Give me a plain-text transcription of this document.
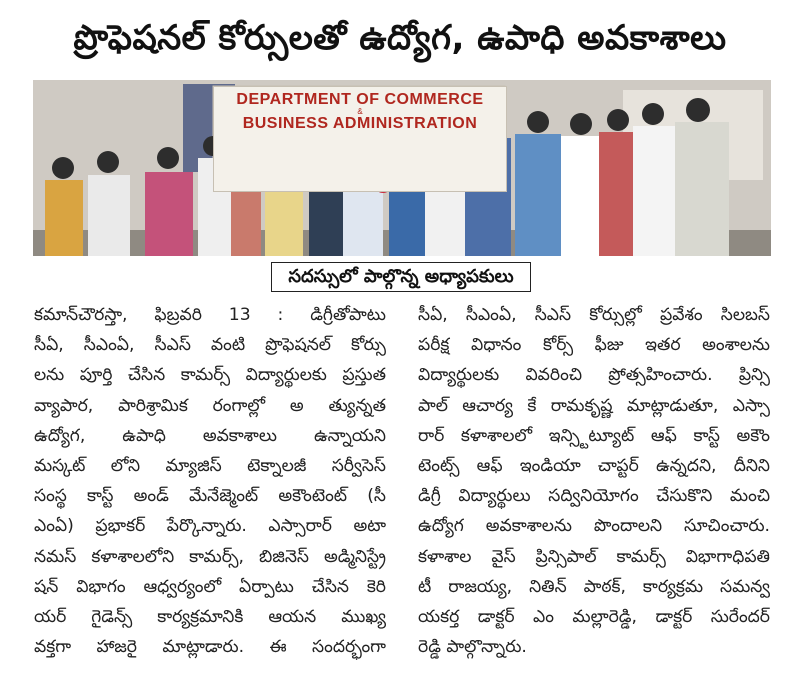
ప్రొఫెషనల్ కోర్సులతో ఉద్యోగ, ఉపాధి అవకాశాలు
DEPARTMENT OF COMMERCE
&
BUSINESS ADMINISTRATION
సదస్సులో పాల్గొన్న అధ్యాపకులు
కమాన్‌చౌరస్తా, ఫిబ్రవరి 13 : డిగ్రీతోపాటు
సీఏ, సీఎంఏ, సీఎస్ వంటి ప్రొఫెషనల్ కోర్సు
లను పూర్తి చేసిన కామర్స్ విద్యార్థులకు ప్రస్తుత
వ్యాపార, పారిశ్రామిక రంగాల్లో అ త్యున్నత
ఉద్యోగ, ఉపాధి అవకాశాలు ఉన్నాయని
మస్కట్ లోని మ్యాజిస్ టెక్నాలజీ సర్వీసెస్
సంస్థ కాస్ట్ అండ్ మేనేజ్మెంట్ అకౌంటెంట్ (సీ
ఎంఏ) ప్రభాకర్ పేర్కొన్నారు. ఎస్సారార్ అటా
నమస్ కళాశాలలోని కామర్స్, బిజినెస్ అడ్మినిస్ట్రే
షన్ విభాగం ఆధ్వర్యంలో ఏర్పాటు చేసిన కెరి
యర్ గైడెన్స్ కార్యక్రమానికి ఆయన ముఖ్య
వక్తగా హాజరై మాట్లాడారు. ఈ సందర్భంగా
సీఏ, సీఎంఏ, సీఎస్ కోర్సుల్లో ప్రవేశం సిలబస్
పరీక్ష విధానం కోర్స్ ఫీజు ఇతర అంశాలను
విద్యార్థులకు వివరించి ప్రోత్సహించారు. ప్రిన్సి
పాల్ ఆచార్య కే రామకృష్ణ మాట్లాడుతూ, ఎస్సా
రార్ కళాశాలలో ఇన్స్టిట్యూట్ ఆఫ్ కాస్ట్ అకౌం
టెంట్స్ ఆఫ్ ఇండియా చాప్టర్ ఉన్నదని, దీనిని
డిగ్రీ విద్యార్థులు సద్వినియోగం చేసుకొని మంచి
ఉద్యోగ అవకాశాలను పొందాలని సూచించారు.
కళాశాల వైస్ ప్రిన్సిపాల్ కామర్స్ విభాగాధిపతి
టీ రాజయ్య, నితిన్ పాఠక్, కార్యక్రమ సమన్వ
యకర్త డాక్టర్ ఎం మల్లారెడ్డి, డాక్టర్ సురేందర్
రెడ్డి పాల్గొన్నారు.
